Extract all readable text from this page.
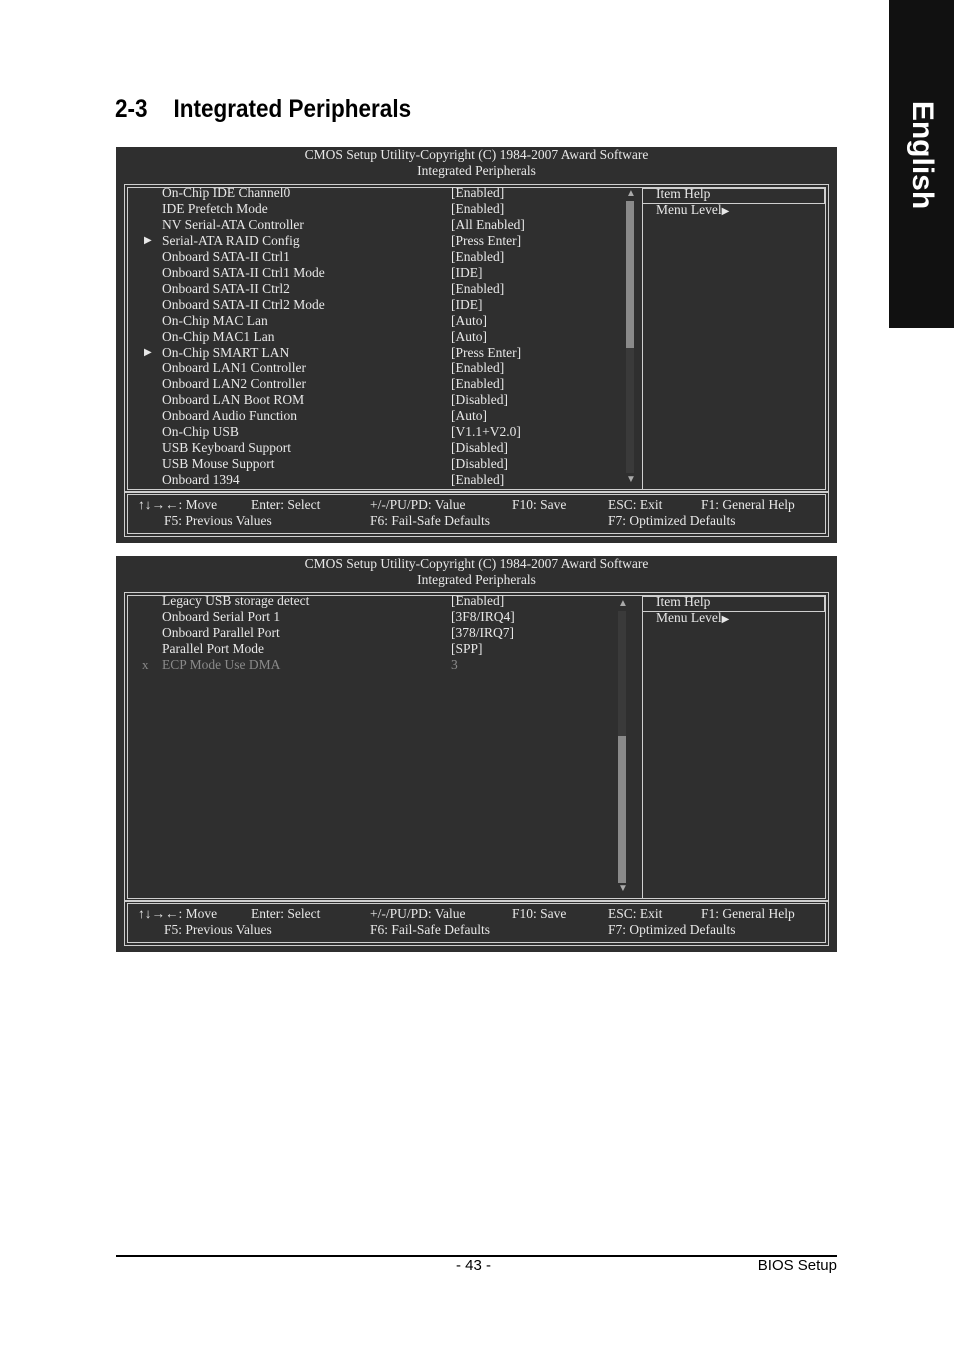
English
2-3 Integrated Peripherals
CMOS Setup Utility-Copyright (C) 1984-2007 Award Software
Integrated Peripherals
On-Chip IDE Channel0	[Enabled]
IDE Prefetch Mode	[Enabled]
NV Serial-ATA Controller	[All Enabled]
▶ Serial-ATA RAID Config	[Press Enter]
Onboard SATA-II Ctrl1	[Enabled]
Onboard SATA-II Ctrl1 Mode	[IDE]
Onboard SATA-II Ctrl2	[Enabled]
Onboard SATA-II Ctrl2 Mode	[IDE]
On-Chip MAC Lan	[Auto]
On-Chip MAC1 Lan	[Auto]
▶ On-Chip SMART LAN	[Press Enter]
Onboard LAN1 Controller	[Enabled]
Onboard LAN2 Controller	[Enabled]
Onboard LAN Boot ROM	[Disabled]
Onboard Audio Function	[Auto]
On-Chip USB	[V1.1+V2.0]
USB Keyboard Support	[Disabled]
USB Mouse Support	[Disabled]
Onboard 1394	[Enabled]
▲
▼
Item Help
Menu Level▶
↑↓→←: Move	Enter: Select	+/-/PU/PD: Value	F10: Save	ESC: Exit	F1: General Help
F5: Previous Values	F6: Fail-Safe Defaults	F7: Optimized Defaults
CMOS Setup Utility-Copyright (C) 1984-2007 Award Software
Integrated Peripherals
Legacy USB storage detect	[Enabled]
Onboard Serial Port 1	[3F8/IRQ4]
Onboard Parallel Port	[378/IRQ7]
Parallel Port Mode	[SPP]
x ECP Mode Use DMA	3
▲
▼
Item Help
Menu Level▶
↑↓→←: Move	Enter: Select	+/-/PU/PD: Value	F10: Save	ESC: Exit	F1: General Help
F5: Previous Values	F6: Fail-Safe Defaults	F7: Optimized Defaults
- 43 -	BIOS Setup
